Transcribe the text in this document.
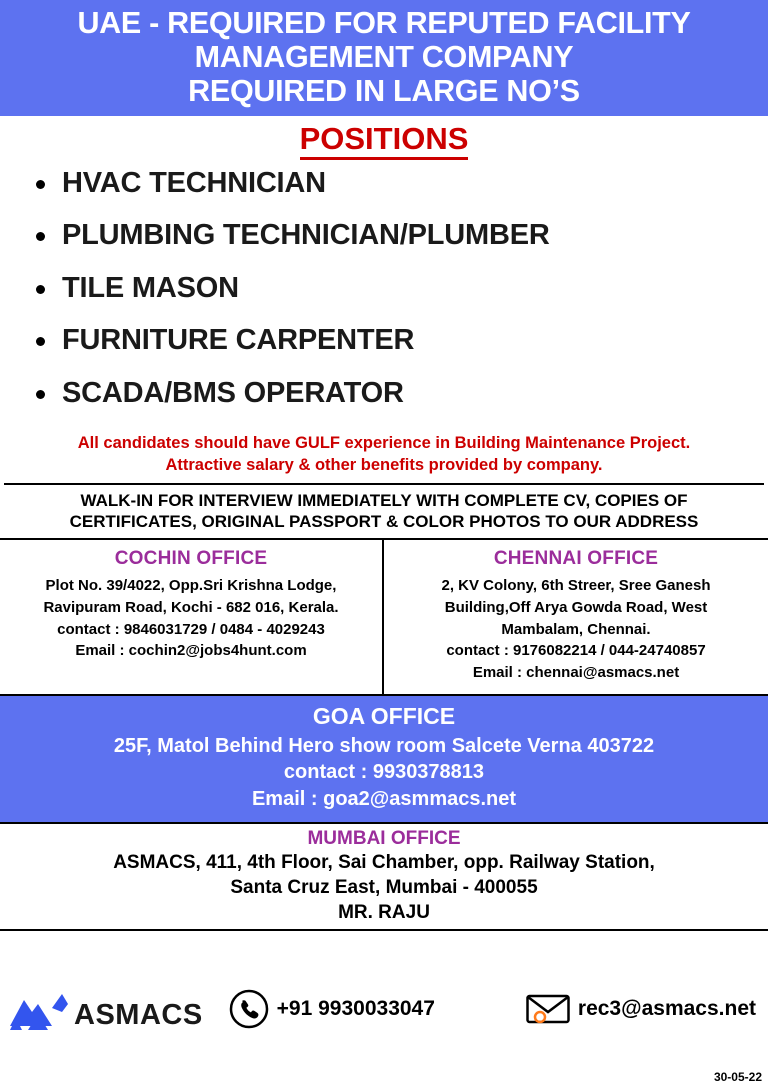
UAE - REQUIRED FOR REPUTED FACILITY
MANAGEMENT COMPANY
REQUIRED IN LARGE NO’S
POSITIONS
HVAC TECHNICIAN
PLUMBING TECHNICIAN/PLUMBER
TILE MASON
FURNITURE CARPENTER
SCADA/BMS OPERATOR
All candidates should have GULF experience in Building Maintenance Project.
Attractive salary & other benefits provided by company.
WALK-IN FOR INTERVIEW IMMEDIATELY WITH COMPLETE CV, COPIES OF
CERTIFICATES, ORIGINAL PASSPORT & COLOR PHOTOS TO OUR ADDRESS
COCHIN OFFICE
Plot No. 39/4022, Opp.Sri Krishna Lodge,
Ravipuram Road, Kochi - 682 016, Kerala.
contact : 9846031729 / 0484 - 4029243
Email : cochin2@jobs4hunt.com
CHENNAI OFFICE
2, KV Colony, 6th Streer, Sree Ganesh
Building,Off Arya Gowda Road, West
Mambalam, Chennai.
contact : 9176082214 / 044-24740857
Email : chennai@asmacs.net
GOA OFFICE
25F, Matol Behind Hero show room Salcete Verna 403722
contact : 9930378813
Email : goa2@asmmacs.net
MUMBAI OFFICE
ASMACS, 411, 4th Floor, Sai Chamber, opp. Railway Station,
Santa Cruz East, Mumbai - 400055
MR. RAJU
ASMACS	+91 9930033047	rec3@asmacs.net
30-05-22
